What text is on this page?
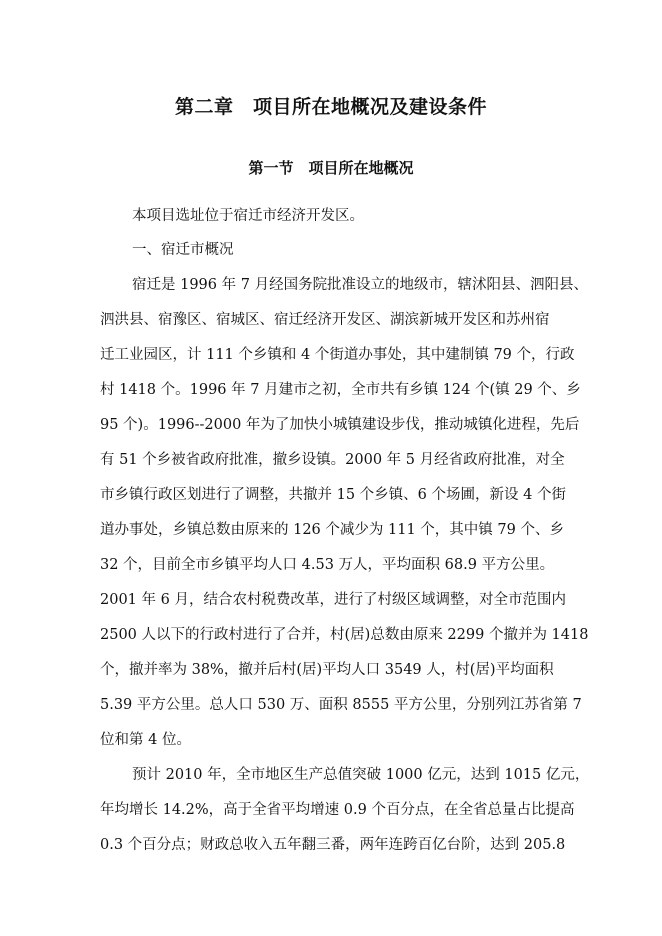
第二章　项目所在地概况及建设条件
第一节　项目所在地概况
本项目选址位于宿迁市经济开发区。
一、宿迁市概况
宿迁是 1996 年 7 月经国务院批准设立的地级市，辖沭阳县、泗阳县、
泗洪县、宿豫区、宿城区、宿迁经济开发区、湖滨新城开发区和苏州宿
迁工业园区，计 111 个乡镇和 4 个街道办事处，其中建制镇 79 个，行政
村 1418 个。1996 年 7 月建市之初，全市共有乡镇 124 个(镇 29 个、乡
95 个)。1996--2000 年为了加快小城镇建设步伐，推动城镇化进程，先后
有 51 个乡被省政府批准，撤乡设镇。2000 年 5 月经省政府批准，对全
市乡镇行政区划进行了调整，共撤并 15 个乡镇、6 个场圃，新设 4 个街
道办事处，乡镇总数由原来的 126 个减少为 111 个，其中镇 79 个、乡
32 个，目前全市乡镇平均人口 4.53 万人，平均面积 68.9 平方公里。
2001 年 6 月，结合农村税费改革，进行了村级区域调整，对全市范围内
2500 人以下的行政村进行了合并，村(居)总数由原来 2299 个撤并为 1418
个，撤并率为 38%，撤并后村(居)平均人口 3549 人，村(居)平均面积
5.39 平方公里。总人口 530 万、面积 8555 平方公里，分别列江苏省第 7
位和第 4 位。
预计 2010 年，全市地区生产总值突破 1000 亿元，达到 1015 亿元，
年均增长 14.2%，高于全省平均增速 0.9 个百分点，在全省总量占比提高
0.3 个百分点；财政总收入五年翻三番，两年连跨百亿台阶，达到 205.8
